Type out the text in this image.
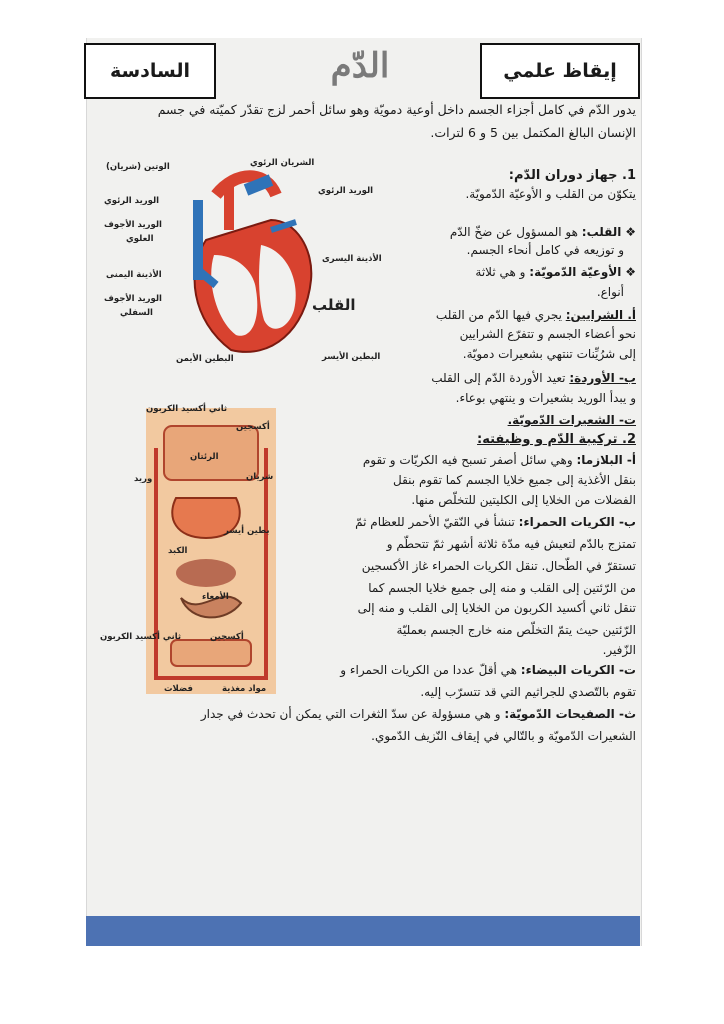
السادسة	الدّم	إيقاظ علمي
يدور الدّم في كامل أجزاء الجسم داخل أوعية دمويّة وهو سائل أحمر لزج تقدّر كميّته في جسم
الإنسان البالغ المكتمل بين 5 و 6 لترات.
1. جهاز دوران الدّم:
يتكوّن من القلب و الأوعيّة الدّمويّة.
❖ القلب: هو المسؤول عن ضخّ الدّم
و توزيعه في كامل أنحاء الجسم.
❖ الأوعيّة الدّمويّة: و هي ثلاثة
أنواع.
أ. الشرايين: يجري فيها الدّم من القلب
نحو أعضاء الجسم و تتفرّع الشرايين
إلى شرُيِّنات تنتهي بشعيرات دمويّة.
ب- الأوردة: تعيد الأوردة الدّم إلى القلب
و يبدأ الوريد بشعيرات و ينتهي بوعاء.
ت- الشعيرات الدّمويّة.
2. تركيبة الدّم و وظيفته:
أ- البلازما: وهي سائل أصفر تسبح فيه الكريّات و تقوم
بنقل الأغذية إلى جميع خلايا الجسم كما تقوم بنقل
الفضلات من الخلايا إلى الكليتين للتخلّص منها.
ب- الكريات الحمراء: تنشأ في النّقيّ الأحمر للعظام ثمّ
تمتزج بالدّم لتعيش فيه مدّة ثلاثة أشهر ثمّ تتحطّم و
تستقرّ في الطّحال. تنقل الكريات الحمراء غاز الأكسجين
من الرّئتين إلى القلب و منه إلى جميع خلايا الجسم كما
تنقل ثاني أكسيد الكربون من الخلايا إلى القلب و منه إلى
الرّئتين حيث يتمّ التخلّص منه خارج الجسم بعمليّة
الزّفير.
ت- الكريات البيضاء: هي أقلّ عددا من الكريات الحمراء و
تقوم بالتّصدي للجراثيم التي قد تتسرّب إليه.
ث- الصفيحات الدّمويّة: و هي مسؤولة عن سدّ الثغرات التي يمكن أن تحدث في جدار
الشعيرات الدّمويّة و بالتّالي في إيقاف النّزيف الدّموي.
الوتين (شريان)	الشريان الرئوي
الوريد الرئوي
الوريد الرئوي
الوريد الأجوف
العلوي
الأذينة اليمنى
الأذينة اليسرى
الوريد الأجوف
السفلي	القلب
البطين الأيمن	البطين الأيسر
ثاني أكسيد الكربون
أكسجين
الرئتان
وريد	شريان
بطين أيسر
الكبد
الأمعاء
ثاني أكسيد الكربون	أكسجين
فضلات	مواد مغذية
